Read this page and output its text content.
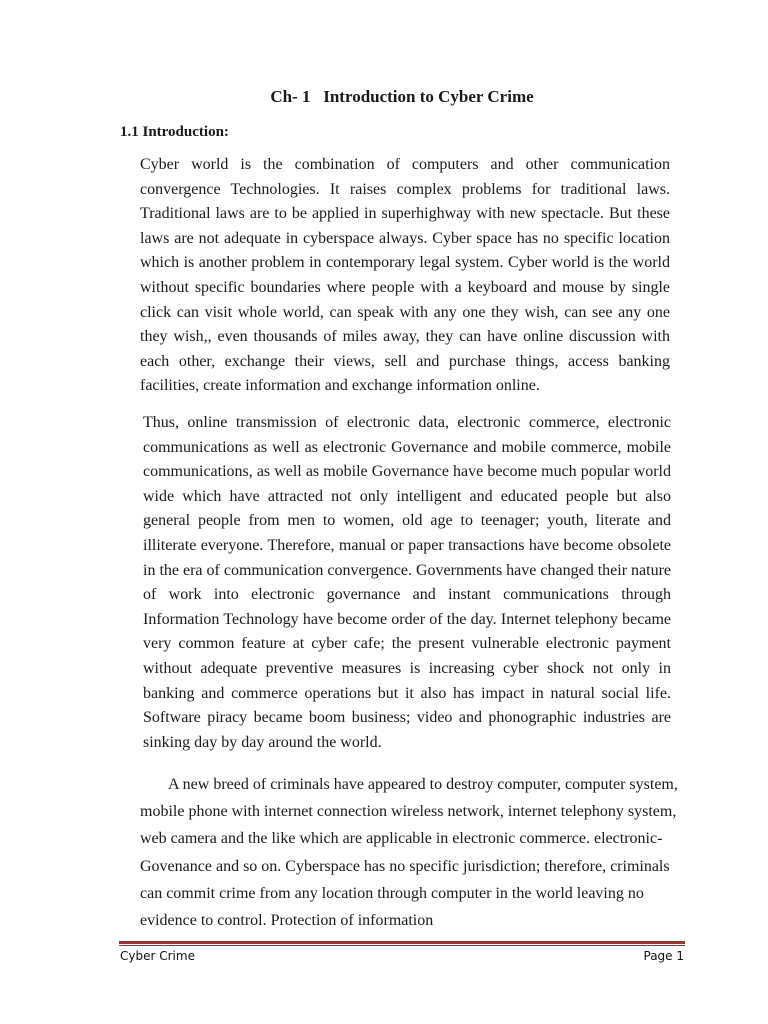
Ch- 1   Introduction to Cyber Crime
1.1 Introduction:

Cyber world is the combination of computers and other communication convergence Technologies. It raises complex problems for traditional laws. Traditional laws are to be applied in superhighway with new spectacle. But these laws are not adequate in cyberspace always. Cyber space has no specific location which is another problem in contemporary legal system. Cyber world is the world without specific boundaries where people with a keyboard and mouse by single click can visit whole world, can speak with any one they wish, can see any one they wish,, even thousands of miles away, they can have online discussion with each other, exchange their views, sell and purchase things, access banking facilities, create information and exchange information online.

Thus, online transmission of electronic data, electronic commerce, electronic communications as well as electronic Governance and mobile commerce, mobile communications, as well as mobile Governance have become much popular world wide which have attracted not only intelligent and educated people but also general people from men to women, old age to teenager; youth, literate and illiterate everyone. Therefore, manual or paper transactions have become obsolete in the era of communication convergence. Governments have changed their nature of work into electronic governance and instant communications through Information Technology have become order of the day. Internet telephony became very common feature at cyber cafe; the present vulnerable electronic payment without adequate preventive measures is increasing cyber shock not only in banking and commerce operations but it also has impact in natural social life. Software piracy became boom business; video and phonographic industries are sinking day by day around the world.

A new breed of criminals have appeared to destroy computer, computer system, mobile phone with internet connection wireless network, internet telephony system, web camera and the like which are applicable in electronic commerce. electronic-Govenance and so on. Cyberspace has no specific jurisdiction; therefore, criminals can commit crime from any location through computer in the world leaving no evidence to control. Protection of information

Cyber Crime	Page 1
